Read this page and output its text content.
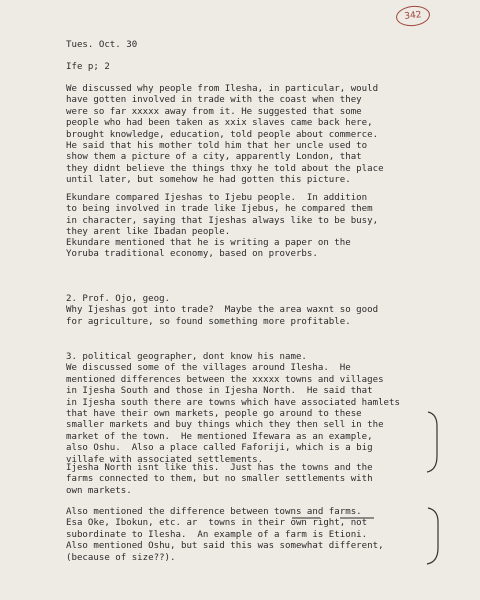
342

Tues. Oct. 30

Ife p; 2

We discussed why people from Ilesha, in particular, would
have gotten involved in trade with the coast when they
were so far xxxxx away from it. He suggested that some
people who had been taken as xxix slaves came back here,
brought knowledge, education, told people about commerce.
He said that his mother told him that her uncle used to
show them a picture of a city, apparently London, that
they didnt believe the things thxy he told about the place
until later, but somehow he had gotten this picture.

Ekundare compared Ijeshas to Ijebu people.  In addition
to being involved in trade like Ijebus, he compared them
in character, saying that Ijeshas always like to be busy,
they arent like Ibadan people.

Ekundare mentioned that he is writing a paper on the
Yoruba traditional economy, based on proverbs.

2. Prof. Ojo, geog.
Why Ijeshas got into trade?  Maybe the area waxnt so good
for agriculture, so found something more profitable.

3. political geographer, dont know his name.
We discussed some of the villages around Ilesha.  He
mentioned differences between the xxxxx towns and villages
in Ijesha South and those in Ijesha North.  He said that
in Ijesha south there are towns which have associated hamlets
that have their own markets, people go around to these
smaller markets and buy things which they then sell in the
market of the town.  He mentioned Ifewara as an example,
also Oshu.  Also a place called Faforiji, which is a big
villafe with associated settlements.

Ijesha North isnt like this.  Just has the towns and the
farms connected to them, but no smaller settlements with
own markets.

Also mentioned the difference between towns and farms.
Esa Oke, Ibokun, etc. ar  towns in their own right, not
subordinate to Ilesha.  An example of a farm is Etioni.
Also mentioned Oshu, but said this was somewhat different,
(because of size??).
